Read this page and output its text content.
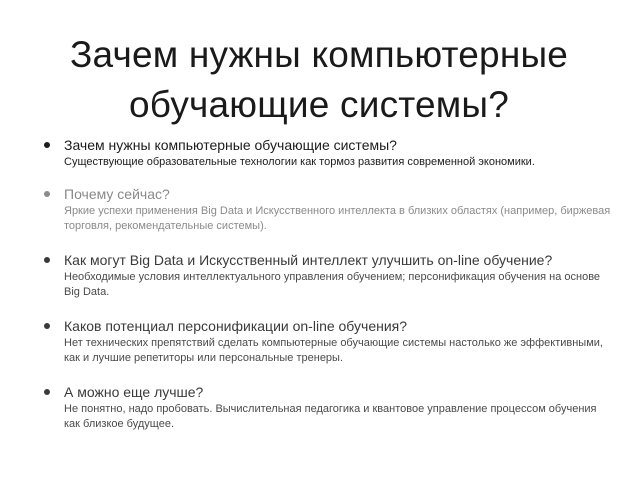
Зачем нужны компьютерные
обучающие системы?
Зачем нужны компьютерные обучающие системы?
Существующие образовательные технологии как тормоз развития современной экономики.
Почему сейчас?
Яркие успехи применения Big Data и Искусственного интеллекта в близких областях (например, биржевая торговля, рекомендательные системы).
Как могут Big Data и Искусственный интеллект улучшить on-line обучение?
Необходимые условия интеллектуального управления обучением; персонификация обучения на основе Big Data.
Каков потенциал персонификации on-line обучения?
Нет технических препятствий сделать компьютерные обучающие системы настолько же эффективными, как и лучшие репетиторы или персональные тренеры.
А можно еще лучше?
Не понятно, надо пробовать. Вычислительная педагогика и квантовое управление процессом обучения как близкое будущее.
